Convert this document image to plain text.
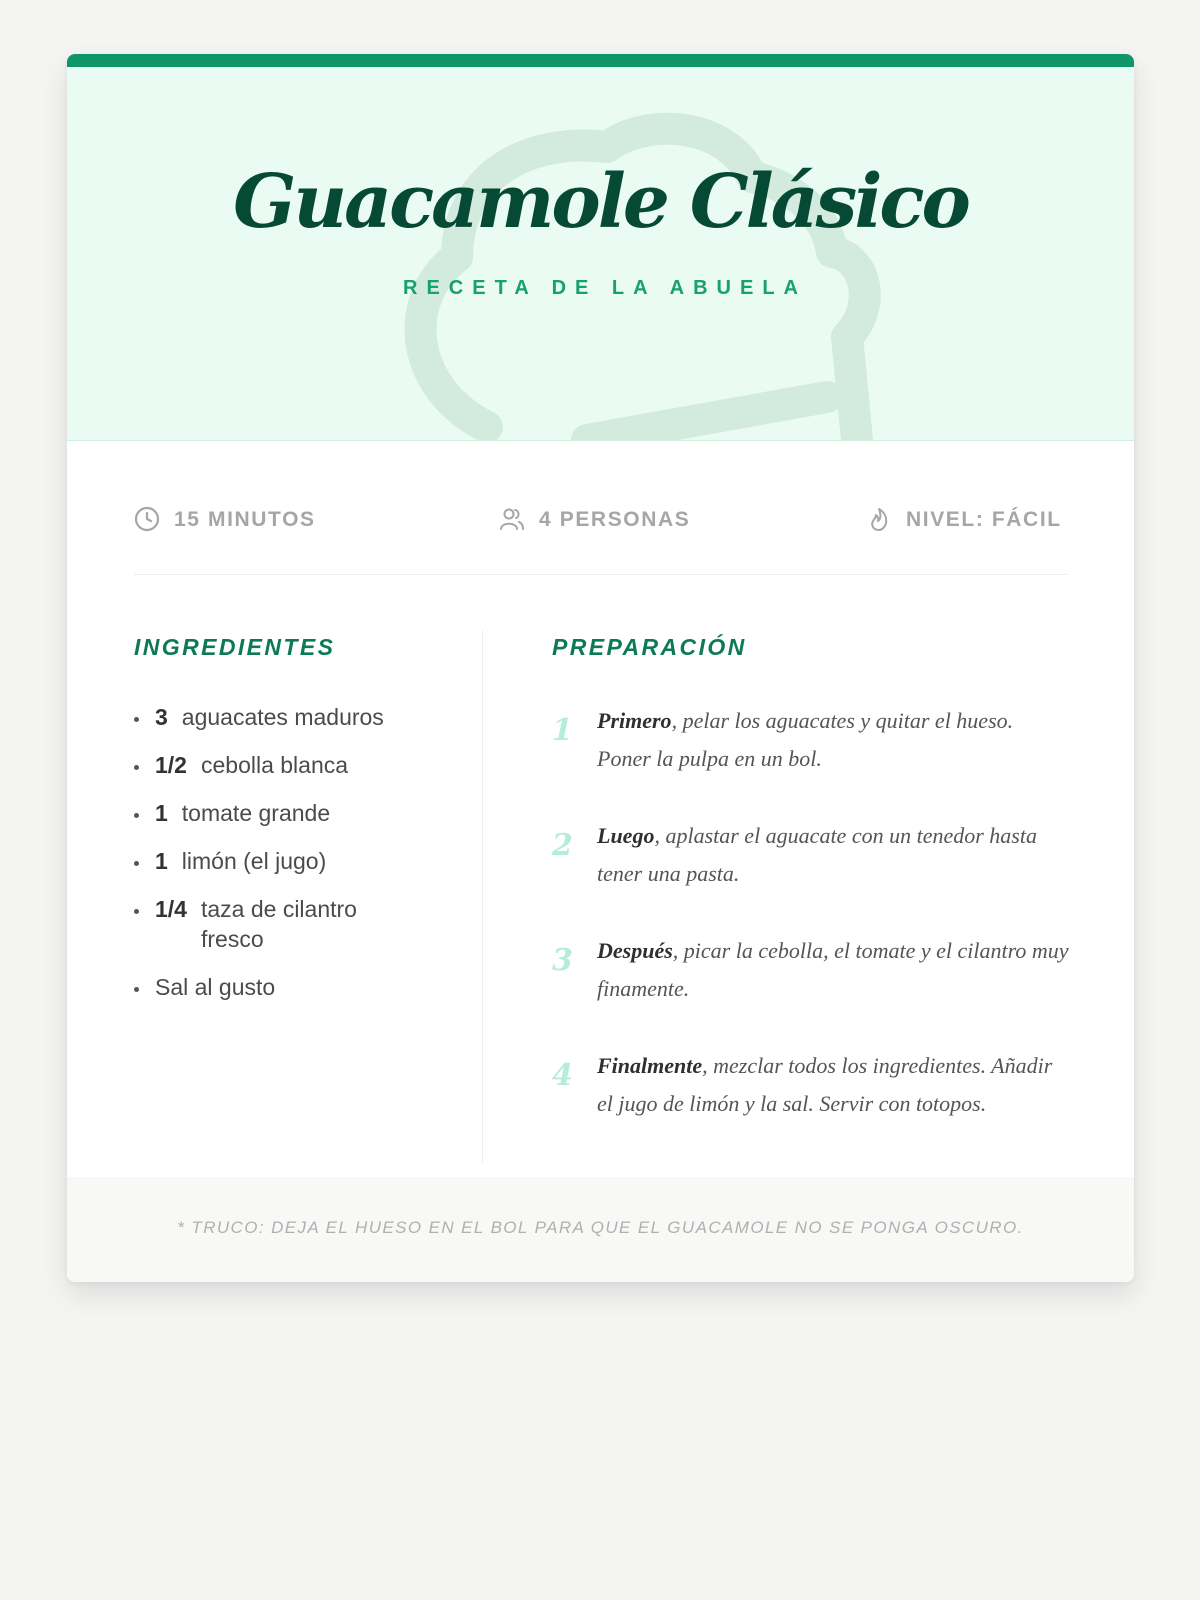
Guacamole Clásico
RECETA DE LA ABUELA
15 MINUTOS	4 PERSONAS	NIVEL: FÁCIL
INGREDIENTES
3 aguacates maduros
1/2 cebolla blanca
1 tomate grande
1 limón (el jugo)
1/4 taza de cilantro fresco
Sal al gusto
PREPARACIÓN
1	Primero, pelar los aguacates y quitar el hueso. Poner la pulpa en un bol.
2	Luego, aplastar el aguacate con un tenedor hasta tener una pasta.
3	Después, picar la cebolla, el tomate y el cilantro muy finamente.
4	Finalmente, mezclar todos los ingredientes. Añadir el jugo de limón y la sal. Servir con totopos.
* TRUCO: DEJA EL HUESO EN EL BOL PARA QUE EL GUACAMOLE NO SE PONGA OSCURO.
